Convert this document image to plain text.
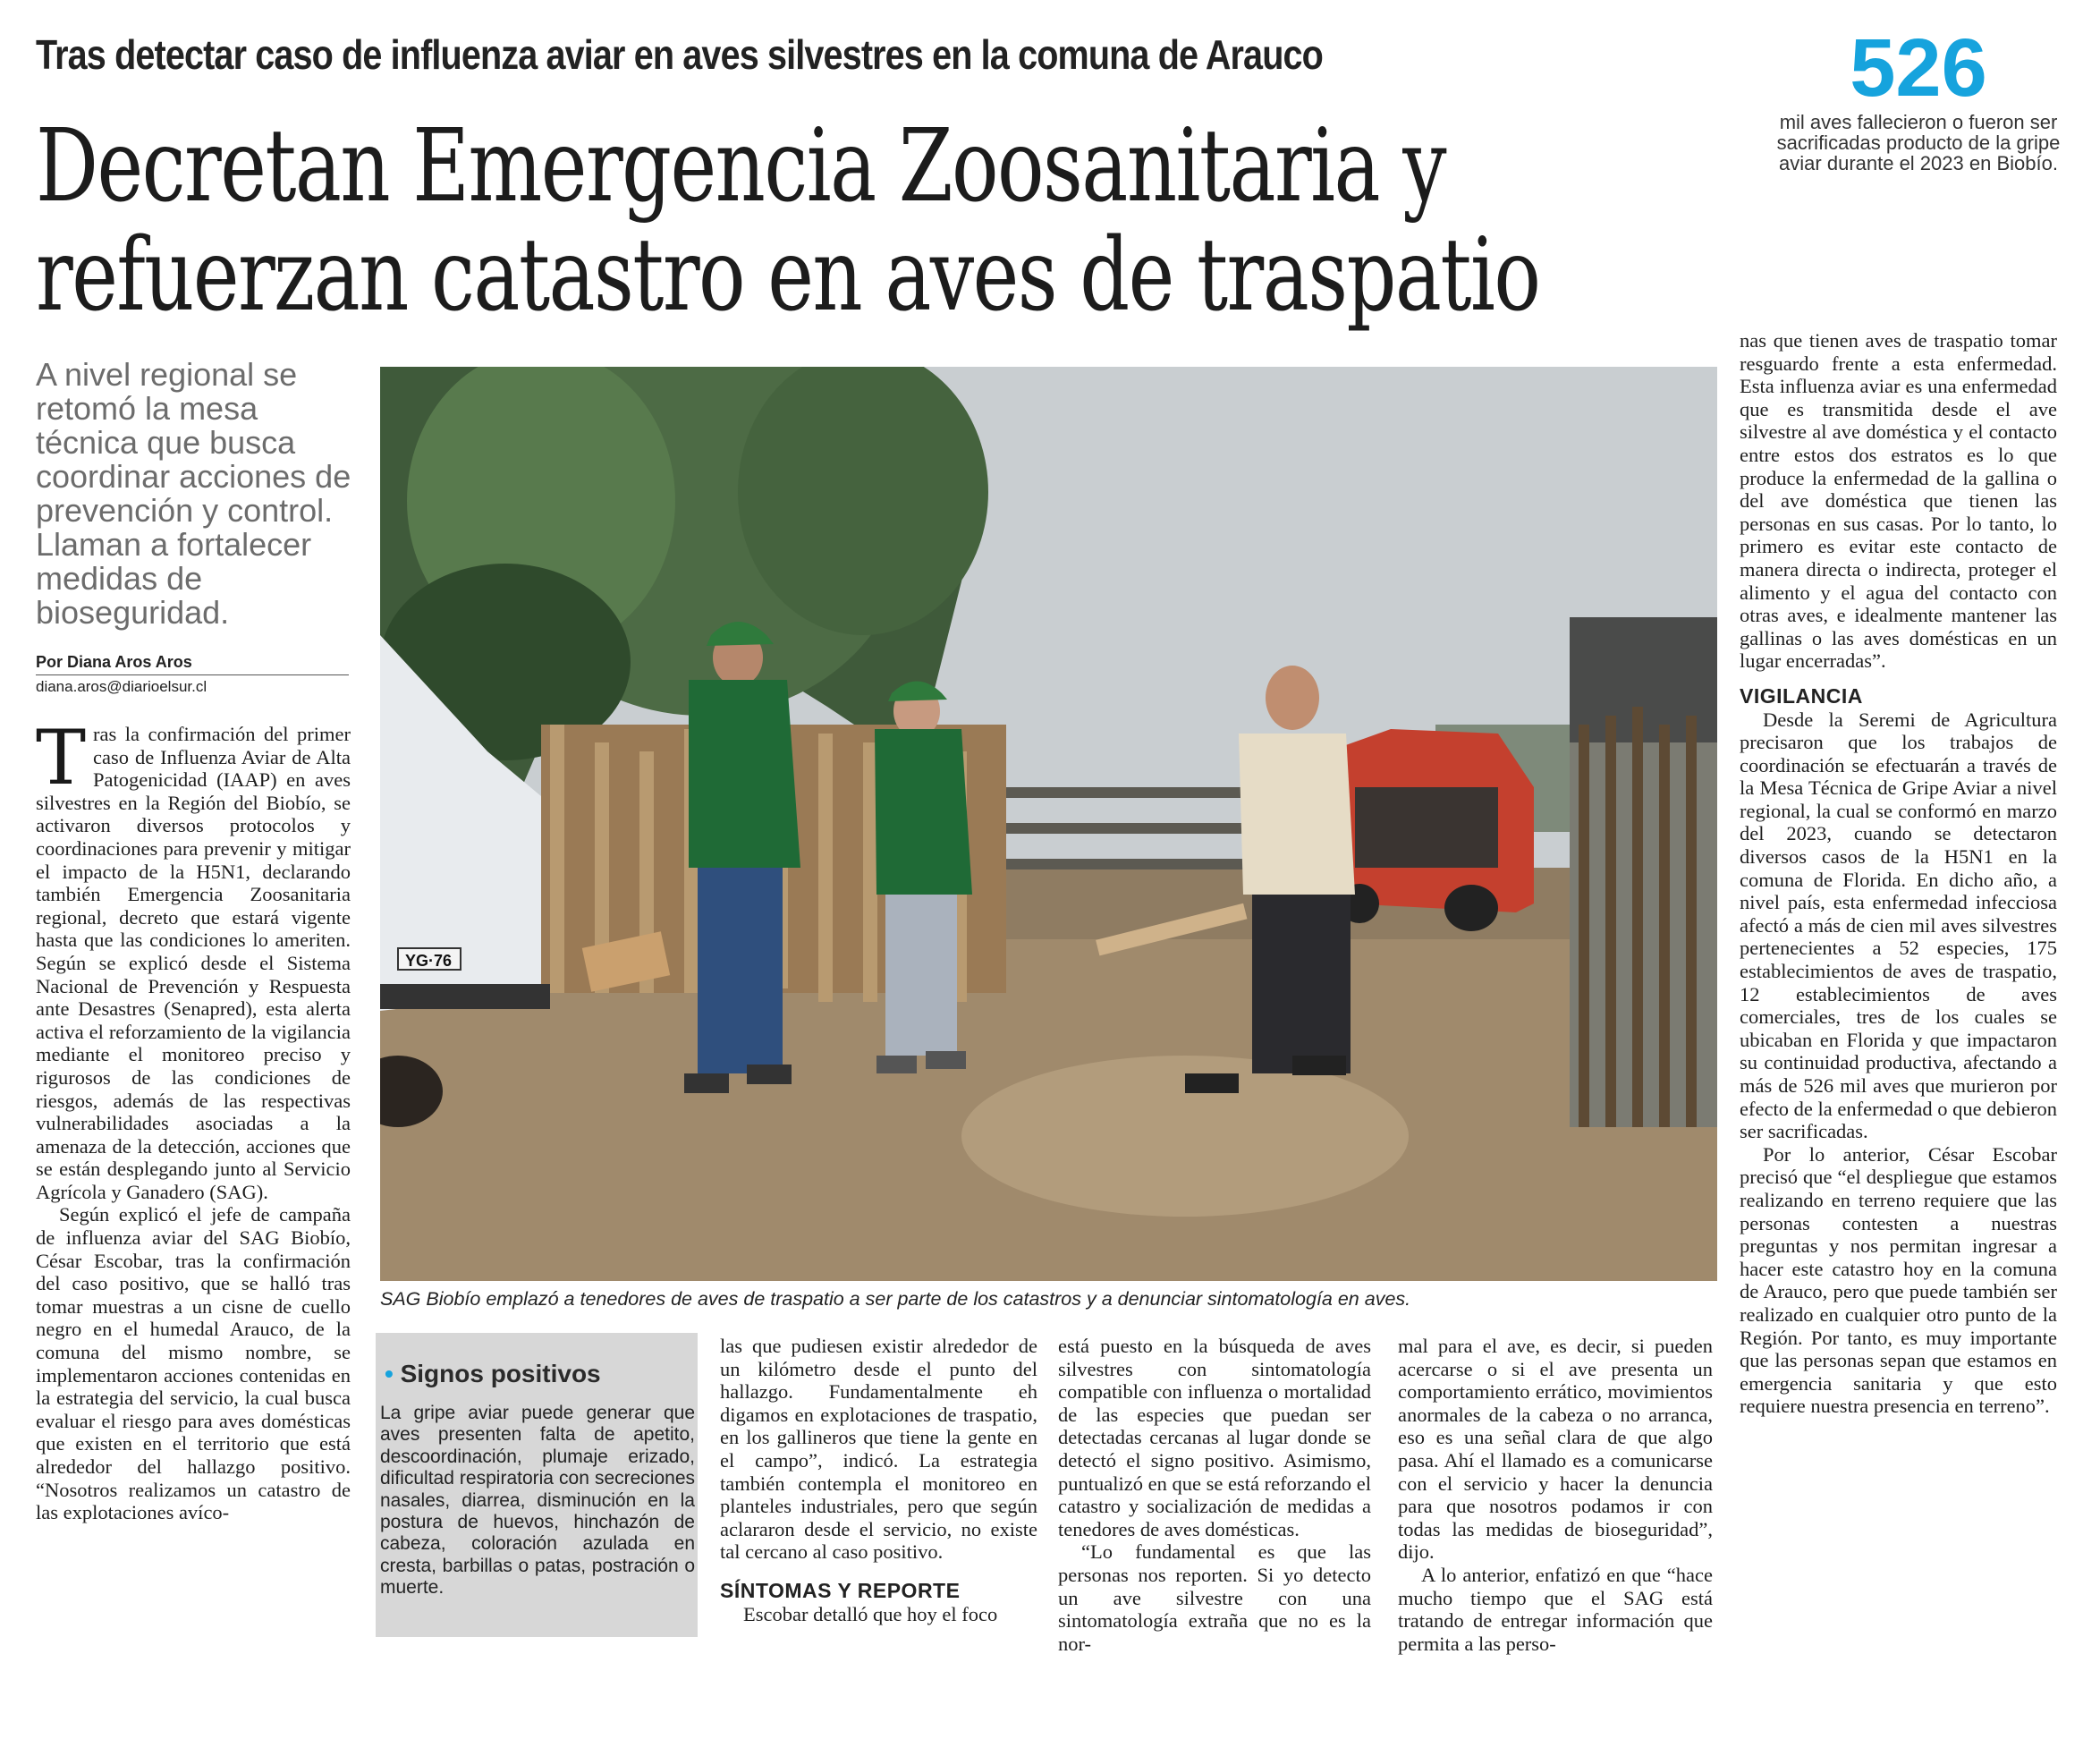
Tras detectar caso de influenza aviar en aves silvestres en la comuna de Arauco
Decretan Emergencia Zoosanitaria y
refuerzan catastro en aves de traspatio
526
mil aves fallecieron o fueron ser sacrificadas producto de la gripe aviar durante el 2023 en Biobío.
A nivel regional se retomó la mesa técnica que busca coordinar acciones de prevención y control. Llaman a fortalecer medidas de bioseguridad.
Por Diana Aros Aros
diana.aros@diarioelsur.cl

Tras la confirmación del primer caso de Influenza Aviar de Alta Patogenicidad (IAAP) en aves silvestres en la Región del Biobío, se activaron diversos protocolos y coordinaciones para prevenir y mitigar el impacto de la H5N1, declarando también Emergencia Zoosanitaria regional, decreto que estará vigente hasta que las condiciones lo ameriten. Según se explicó desde el Sistema Nacional de Prevención y Respuesta ante Desastres (Senapred), esta alerta activa el reforzamiento de la vigilancia mediante el monitoreo preciso y rigurosos de las condiciones de riesgos, además de las respectivas vulnerabilidades asociadas a la amenaza de la detección, acciones que se están desplegando junto al Servicio Agrícola y Ganadero (SAG).

Según explicó el jefe de campaña de influenza aviar del SAG Biobío, César Escobar, tras la confirmación del caso positivo, que se halló tras tomar muestras a un cisne de cuello negro en el humedal Arauco, de la comuna del mismo nombre, se implementaron acciones contenidas en la estrategia del servicio, la cual busca evaluar el riesgo para aves domésticas que existen en el territorio que está alrededor del hallazgo positivo. “Nosotros realizamos un catastro de las explotaciones avíco-

YG·76
SAG Biobío emplazó a tenedores de aves de traspatio a ser parte de los catastros y a denunciar sintomatología en aves.
• Signos positivos
La gripe aviar puede generar que aves presenten falta de apetito, descoordinación, plumaje erizado, dificultad respiratoria con secreciones nasales, diarrea, disminución en la postura de huevos, hinchazón de cabeza, coloración azulada en cresta, barbillas o patas, postración o muerte.

las que pudiesen existir alrededor de un kilómetro desde el punto del hallazgo. Fundamentalmente eh digamos en explotaciones de traspatio, en los gallineros que tiene la gente en el campo”, indicó. La estrategia también contempla el monitoreo en planteles industriales, pero que según aclararon desde el servicio, no existe tal cercano al caso positivo.

SÍNTOMAS Y REPORTE

Escobar detalló que hoy el foco

está puesto en la búsqueda de aves silvestres con sintomatología compatible con influenza o mortalidad de las especies que puedan ser detectadas cercanas al lugar donde se detectó el signo positivo. Asimismo, puntualizó en que se está reforzando el catastro y socialización de medidas a tenedores de aves domésticas.

“Lo fundamental es que las personas nos reporten. Si yo detecto un ave silvestre con una sintomatología extraña que no es la nor-

mal para el ave, es decir, si pueden acercarse o si el ave presenta un comportamiento errático, movimientos anormales de la cabeza o no arranca, eso es una señal clara de que algo pasa. Ahí el llamado es a comunicarse con el servicio y hacer la denuncia para que nosotros podamos ir con todas las medidas de bioseguridad”, dijo.

A lo anterior, enfatizó en que “hace mucho tiempo que el SAG está tratando de entregar información que permita a las perso-

nas que tienen aves de traspatio tomar resguardo frente a esta enfermedad. Esta influenza aviar es una enfermedad que es transmitida desde el ave silvestre al ave doméstica y el contacto entre estos dos estratos es lo que produce la enfermedad de la gallina o del ave doméstica que tienen las personas en sus casas. Por lo tanto, lo primero es evitar este contacto de manera directa o indirecta, proteger el alimento y el agua del contacto con otras aves, e idealmente mantener las gallinas o las aves domésticas en un lugar encerradas”.

VIGILANCIA

Desde la Seremi de Agricultura precisaron que los trabajos de coordinación se efectuarán a través de la Mesa Técnica de Gripe Aviar a nivel regional, la cual se conformó en marzo del 2023, cuando se detectaron diversos casos de la H5N1 en la comuna de Florida. En dicho año, a nivel país, esta enfermedad infecciosa afectó a más de cien mil aves silvestres pertenecientes a 52 especies, 175 establecimientos de aves de traspatio, 12 establecimientos de aves comerciales, tres de los cuales se ubicaban en Florida y que impactaron su continuidad productiva, afectando a más de 526 mil aves que murieron por efecto de la enfermedad o que debieron ser sacrificadas.

Por lo anterior, César Escobar precisó que “el despliegue que estamos realizando en terreno requiere que las personas contesten a nuestras preguntas y nos permitan ingresar a hacer este catastro hoy en la comuna de Arauco, pero que puede también ser realizado en cualquier otro punto de la Región. Por tanto, es muy importante que las personas sepan que estamos en emergencia sanitaria y que esto requiere nuestra presencia en terreno”.
